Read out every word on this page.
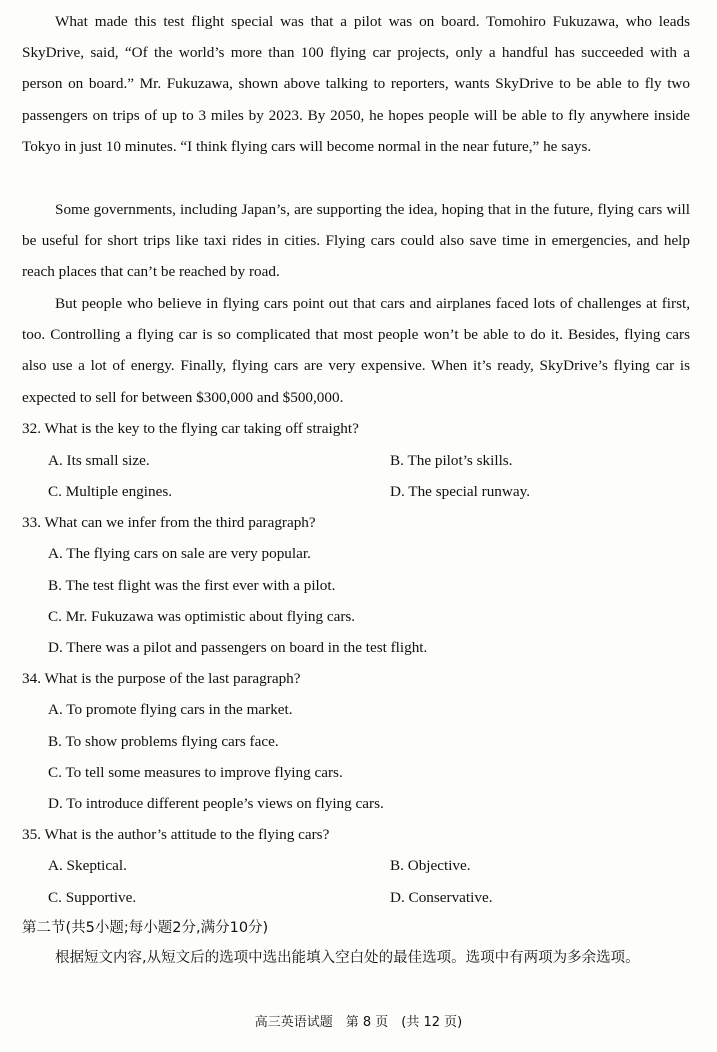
What made this test flight special was that a pilot was on board. Tomohiro Fukuzawa, who leads SkyDrive, said, “Of the world’s more than 100 flying car projects, only a handful has succeeded with a person on board.” Mr. Fukuzawa, shown above talking to reporters, wants SkyDrive to be able to fly two passengers on trips of up to 3 miles by 2023. By 2050, he hopes people will be able to fly anywhere inside Tokyo in just 10 minutes. “I think flying cars will become normal in the near future,” he says.

Some governments, including Japan’s, are supporting the idea, hoping that in the future, flying cars will be useful for short trips like taxi rides in cities. Flying cars could also save time in emergencies, and help reach places that can’t be reached by road.

But people who believe in flying cars point out that cars and airplanes faced lots of challenges at first, too. Controlling a flying car is so complicated that most people won’t be able to do it. Besides, flying cars also use a lot of energy. Finally, flying cars are very expensive. When it’s ready, SkyDrive’s flying car is expected to sell for between $300,000 and $500,000.

32. What is the key to the flying car taking off straight?
A. Its small size.	B. The pilot’s skills.
C. Multiple engines.	D. The special runway.
33. What can we infer from the third paragraph?
A. The flying cars on sale are very popular.
B. The test flight was the first ever with a pilot.
C. Mr. Fukuzawa was optimistic about flying cars.
D. There was a pilot and passengers on board in the test flight.
34. What is the purpose of the last paragraph?
A. To promote flying cars in the market.
B. To show problems flying cars face.
C. To tell some measures to improve flying cars.
D. To introduce different people’s views on flying cars.
35. What is the author’s attitude to the flying cars?
A. Skeptical.	B. Objective.
C. Supportive.	D. Conservative.
第二节(共5小题;每小题2分,满分10分)

根据短文内容,从短文后的选项中选出能填入空白处的最佳选项。选项中有两项为多余选项。

高三英语试题　第 8 页　(共 12 页)
